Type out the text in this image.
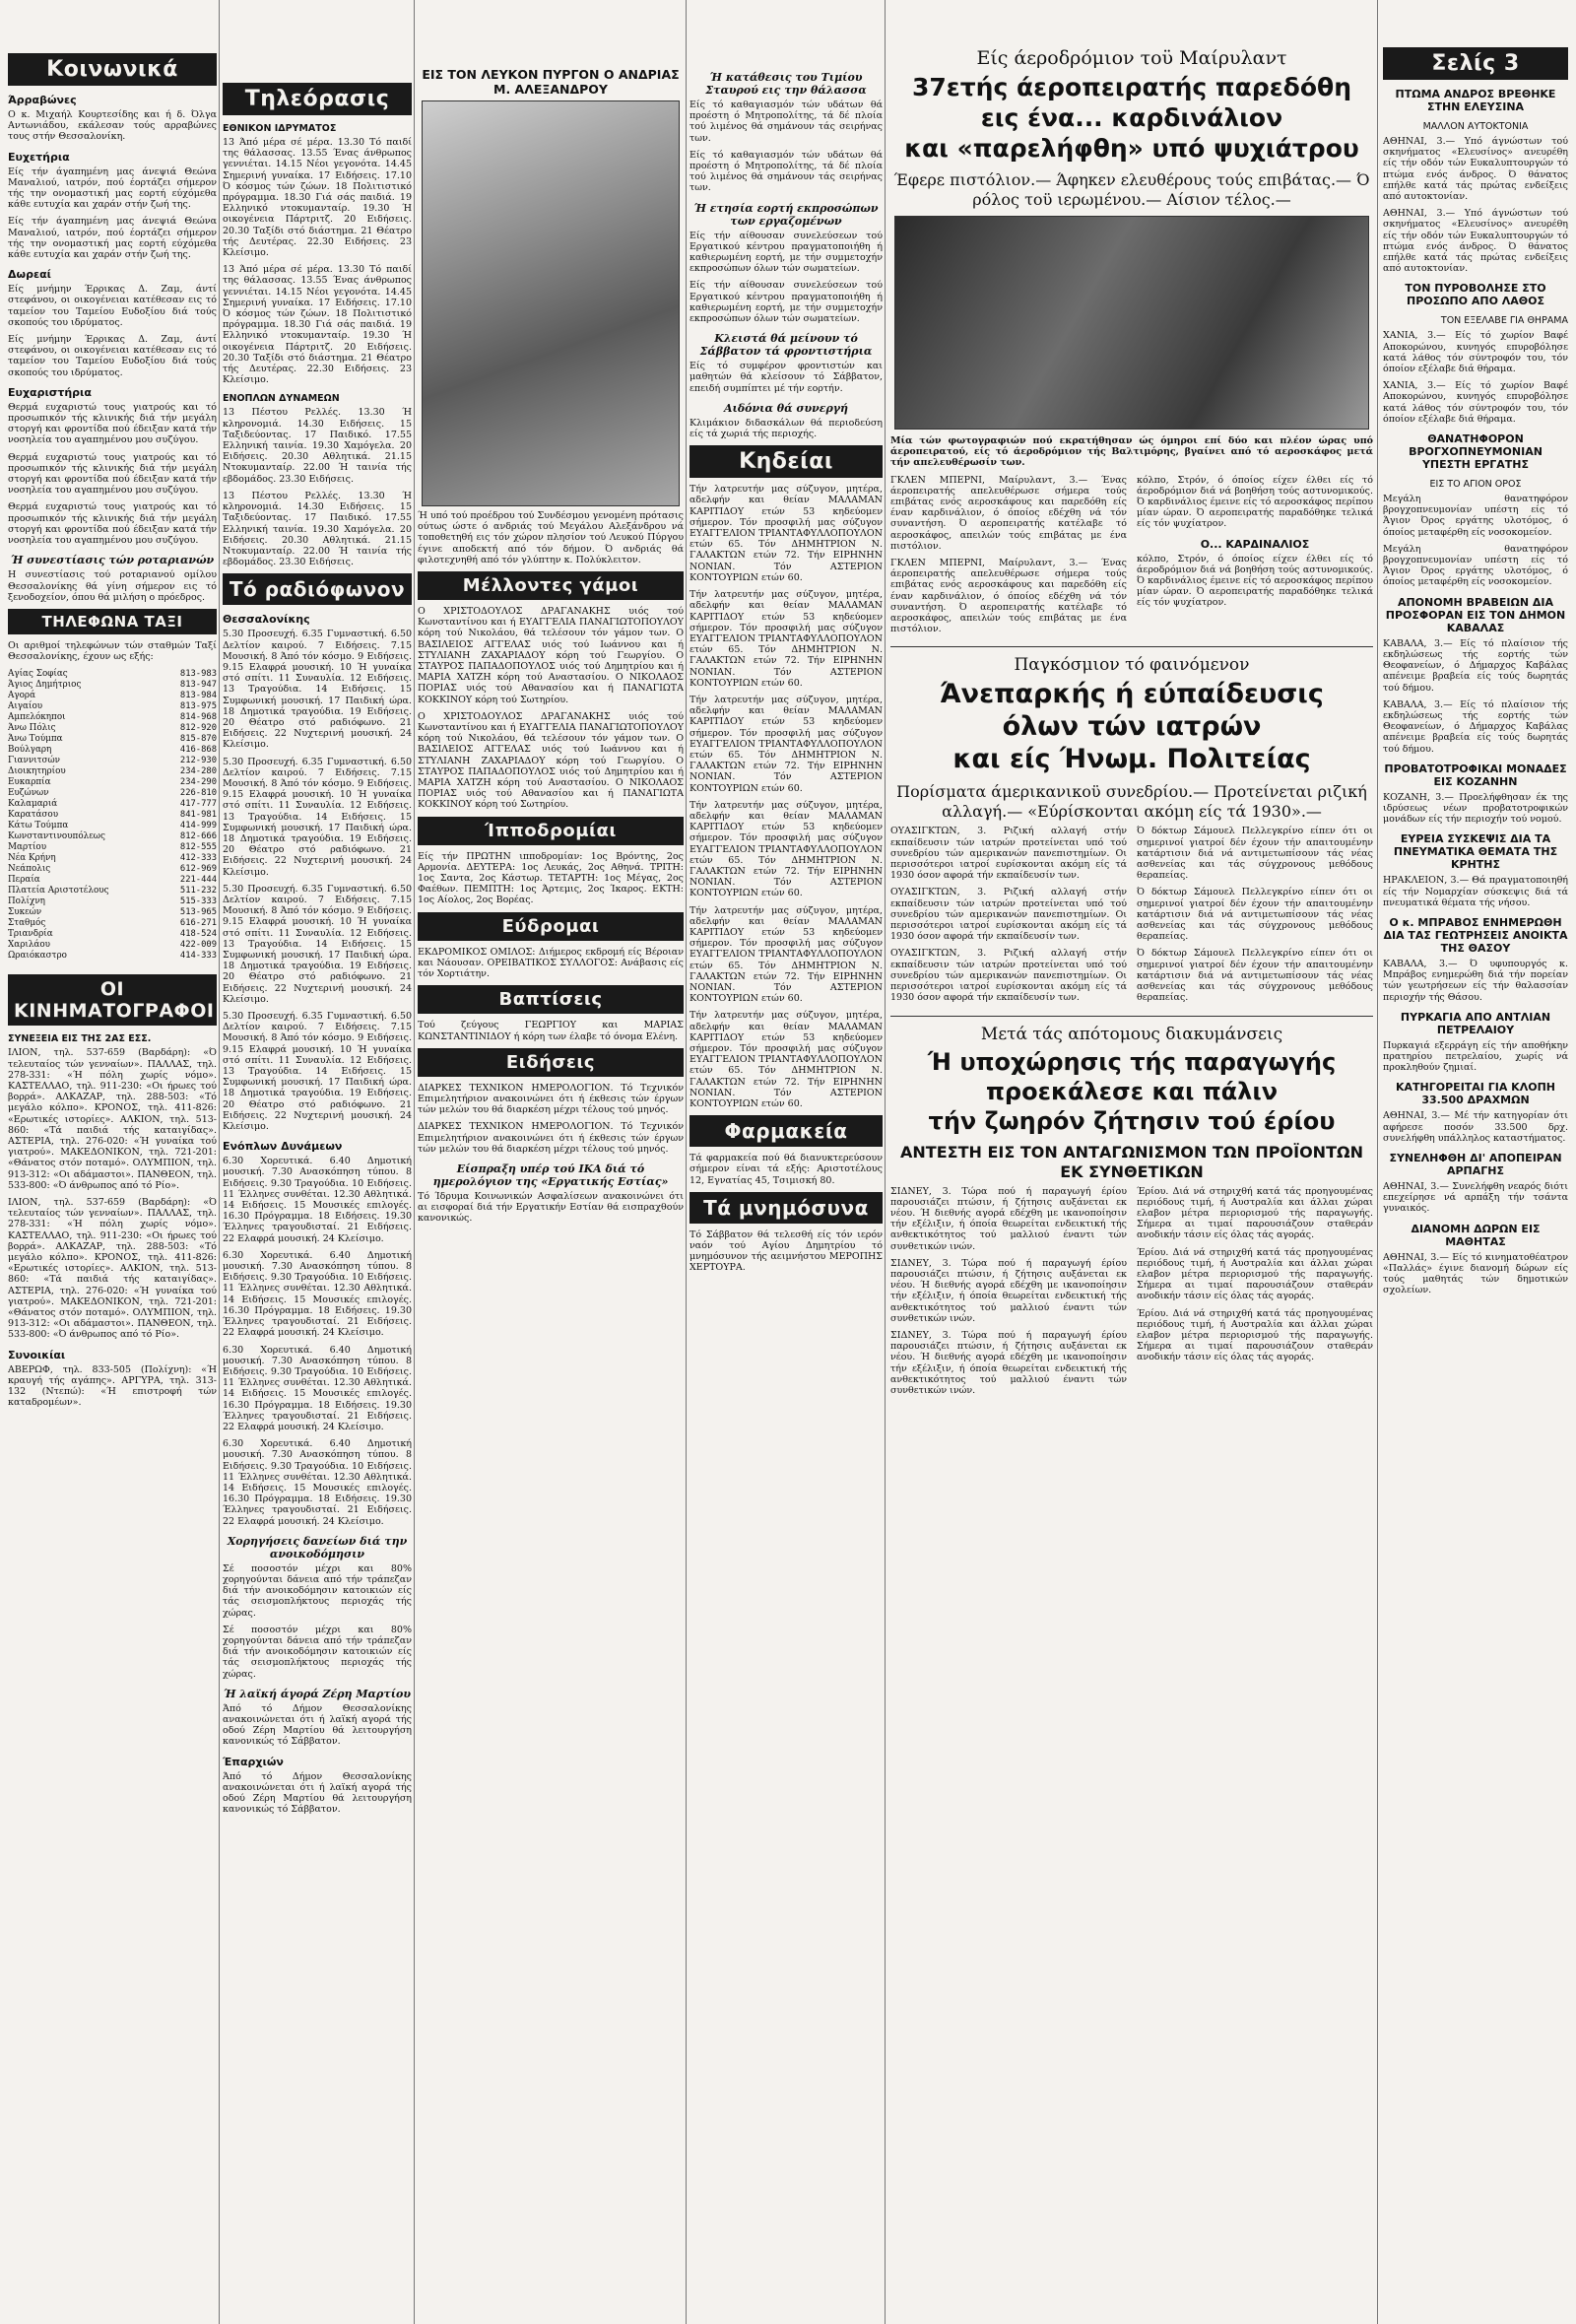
Κοινωνικά
Άρραβώνες

Ο κ. Μιχαήλ Κουρτεσίδης και ή δ. Όλγα Αντωνιάδου, εκάλεσαν τούς αρραβώνες τους στήν Θεσσαλονίκη.

Ευχετήρια

Είς τήν άγαπημένη μας άνεψιά Θεώνα Μαναλιού, ιατρόν, πού έορτάζει σήμερον τής την ονομαστική μας εορτή εύχόμεθα κάθε ευτυχία και χαράν στήν ζωή της.

Είς τήν άγαπημένη μας άνεψιά Θεώνα Μαναλιού, ιατρόν, πού έορτάζει σήμερον τής την ονομαστική μας εορτή εύχόμεθα κάθε ευτυχία και χαράν στήν ζωή της.

Δωρεαί

Είς μνήμην Έρρικας Δ. Ζαμ, άντί στεφάνου, οι οικογένειαι κατέθεσαν εις τό ταμείον του Ταμείου Ευδοξίου διά τούς σκοπούς του ιδρύματος.

Είς μνήμην Έρρικας Δ. Ζαμ, άντί στεφάνου, οι οικογένειαι κατέθεσαν εις τό ταμείον του Ταμείου Ευδοξίου διά τούς σκοπούς του ιδρύματος.

Ευχαριστήρια

Θερμά ευχαριστώ τους γιατρούς και τό προσωπικόν τής κλινικής διά τήν μεγάλη στοργή και φροντίδα πού έδειξαν κατά τήν νοσηλεία του αγαπημένου μου συζύγου.

Θερμά ευχαριστώ τους γιατρούς και τό προσωπικόν τής κλινικής διά τήν μεγάλη στοργή και φροντίδα πού έδειξαν κατά τήν νοσηλεία του αγαπημένου μου συζύγου.

Θερμά ευχαριστώ τους γιατρούς και τό προσωπικόν τής κλινικής διά τήν μεγάλη στοργή και φροντίδα πού έδειξαν κατά τήν νοσηλεία του αγαπημένου μου συζύγου.

Ή συνεστίασις τών ροταριανών

Η συνεστίασις τού ροταριανού ομίλου Θεσσαλονίκης θά γίνη σήμερον εις τό ξενοδοχείον, όπου θά μιλήση ο πρόεδρος.

ΤΗΛΕΦΩΝΑ ΤΑΞΙ

Οι αριθμοί τηλεφώνων τών σταθμών Ταξί Θεσσαλονίκης, έχουν ως εξής:

Αγίας Σοφίας	813-983
Άγιος Δημήτριος	813-947
Αγορά	813-984
Αιγαίου	813-975
Αμπελόκηποι	814-968
Άνω Πόλις	812-920
Άνω Τούμπα	815-870
Βούλγαρη	416-868
Γιαννιτσών	212-930
Διοικητηρίου	234-280
Ευκαρπία	234-290
Ευζώνων	226-810
Καλαμαριά	417-777
Καρατάσου	841-981
Κάτω Τούμπα	414-999
Κωνσταντινουπόλεως	812-666
Μαρτίου	812-555
Νέα Κρήνη	412-333
Νεάπολις	612-969
Περαία	221-444
Πλατεία Αριστοτέλους	511-232
Πολίχνη	515-333
Συκεών	513-965
Σταθμός	616-271
Τριανδρία	418-524
Χαριλάου	422-009
Ωραιόκαστρο	414-333
ΟΙ ΚΙΝΗΜΑΤΟΓΡΑΦΟΙ
ΣΥΝΕΞΕΙΑ ΕΙΣ ΤΗΣ 2ΑΣ ΕΣΣ.

ΙΛΙΟΝ, τηλ. 537-659 (Βαρδάρη): «Ό τελευταίος τών γενναίων». ΠΑΛΛΑΣ, τηλ. 278-331: «Ή πόλη χωρίς νόμο». ΚΑΣΤΕΛΛΑΟ, τηλ. 911-230: «Οι ήρωες τού βορρά». ΑΛΚΑΖΑΡ, τηλ. 288-503: «Τό μεγάλο κόλπο». ΚΡΟΝΟΣ, τηλ. 411-826: «Ερωτικές ιστορίες». ΑΛΚΙΟΝ, τηλ. 513-860: «Τά παιδιά τής καταιγίδας». ΑΣΤΕΡΙΑ, τηλ. 276-020: «Ή γυναίκα τού γιατρού». ΜΑΚΕΔΟΝΙΚΟΝ, τηλ. 721-201: «Θάνατος στόν ποταμό». ΟΛΥΜΠΙΟΝ, τηλ. 913-312: «Οι αδάμαστοι». ΠΑΝΘΕΟΝ, τηλ. 533-800: «Ό άνθρωπος από τό Ρίο».

ΙΛΙΟΝ, τηλ. 537-659 (Βαρδάρη): «Ό τελευταίος τών γενναίων». ΠΑΛΛΑΣ, τηλ. 278-331: «Ή πόλη χωρίς νόμο». ΚΑΣΤΕΛΛΑΟ, τηλ. 911-230: «Οι ήρωες τού βορρά». ΑΛΚΑΖΑΡ, τηλ. 288-503: «Τό μεγάλο κόλπο». ΚΡΟΝΟΣ, τηλ. 411-826: «Ερωτικές ιστορίες». ΑΛΚΙΟΝ, τηλ. 513-860: «Τά παιδιά τής καταιγίδας». ΑΣΤΕΡΙΑ, τηλ. 276-020: «Ή γυναίκα τού γιατρού». ΜΑΚΕΔΟΝΙΚΟΝ, τηλ. 721-201: «Θάνατος στόν ποταμό». ΟΛΥΜΠΙΟΝ, τηλ. 913-312: «Οι αδάμαστοι». ΠΑΝΘΕΟΝ, τηλ. 533-800: «Ό άνθρωπος από τό Ρίο».

Συνοικίαι

ΑΒΕΡΩΦ, τηλ. 833-505 (Πολίχνη): «Ή κραυγή τής αγάπης». ΑΡΓΥΡΑ, τηλ. 313-132 (Ντεπώ): «Ή επιστροφή τών καταδρομέων».

Τηλεόρασις
ΕΘΝΙΚΟΝ ΙΔΡΥΜΑΤΟΣ

13 Άπό μέρα σέ μέρα. 13.30 Τό παιδί της θάλασσας. 13.55 Ένας άνθρωπος γεννιέται. 14.15 Νέοι γεγονότα. 14.45 Σημερινή γυναίκα. 17 Ειδήσεις. 17.10 Ό κόσμος τών ζώων. 18 Πολιτιστικό πρόγραμμα. 18.30 Γιά σάς παιδιά. 19 Ελληνικό ντοκυμανταίρ. 19.30 Ή οικογένεια Πάρτριτζ. 20 Ειδήσεις. 20.30 Ταξίδι στό διάστημα. 21 Θέατρο τής Δευτέρας. 22.30 Ειδήσεις. 23 Κλείσιμο.

13 Άπό μέρα σέ μέρα. 13.30 Τό παιδί της θάλασσας. 13.55 Ένας άνθρωπος γεννιέται. 14.15 Νέοι γεγονότα. 14.45 Σημερινή γυναίκα. 17 Ειδήσεις. 17.10 Ό κόσμος τών ζώων. 18 Πολιτιστικό πρόγραμμα. 18.30 Γιά σάς παιδιά. 19 Ελληνικό ντοκυμανταίρ. 19.30 Ή οικογένεια Πάρτριτζ. 20 Ειδήσεις. 20.30 Ταξίδι στό διάστημα. 21 Θέατρο τής Δευτέρας. 22.30 Ειδήσεις. 23 Κλείσιμο.

ΕΝΟΠΛΩΝ ΔΥΝΑΜΕΩΝ

13 Πέστου Ρελλές. 13.30 Ή κληρονομιά. 14.30 Ειδήσεις. 15 Ταξιδεύοντας. 17 Παιδικό. 17.55 Ελληνική ταινία. 19.30 Χαμόγελα. 20 Ειδήσεις. 20.30 Αθλητικά. 21.15 Ντοκυμανταίρ. 22.00 Ή ταινία τής εβδομάδος. 23.30 Ειδήσεις.

13 Πέστου Ρελλές. 13.30 Ή κληρονομιά. 14.30 Ειδήσεις. 15 Ταξιδεύοντας. 17 Παιδικό. 17.55 Ελληνική ταινία. 19.30 Χαμόγελα. 20 Ειδήσεις. 20.30 Αθλητικά. 21.15 Ντοκυμανταίρ. 22.00 Ή ταινία τής εβδομάδος. 23.30 Ειδήσεις.

Τό ραδιόφωνον
Θεσσαλονίκης

5.30 Προσευχή. 6.35 Γυμναστική. 6.50 Δελτίον καιρού. 7 Ειδήσεις. 7.15 Μουσική. 8 Άπό τόν κόσμο. 9 Ειδήσεις. 9.15 Ελαφρά μουσική. 10 Ή γυναίκα στό σπίτι. 11 Συναυλία. 12 Ειδήσεις. 13 Τραγούδια. 14 Ειδήσεις. 15 Συμφωνική μουσική. 17 Παιδική ώρα. 18 Δημοτικά τραγούδια. 19 Ειδήσεις. 20 Θέατρο στό ραδιόφωνο. 21 Ειδήσεις. 22 Νυχτερινή μουσική. 24 Κλείσιμο.

5.30 Προσευχή. 6.35 Γυμναστική. 6.50 Δελτίον καιρού. 7 Ειδήσεις. 7.15 Μουσική. 8 Άπό τόν κόσμο. 9 Ειδήσεις. 9.15 Ελαφρά μουσική. 10 Ή γυναίκα στό σπίτι. 11 Συναυλία. 12 Ειδήσεις. 13 Τραγούδια. 14 Ειδήσεις. 15 Συμφωνική μουσική. 17 Παιδική ώρα. 18 Δημοτικά τραγούδια. 19 Ειδήσεις. 20 Θέατρο στό ραδιόφωνο. 21 Ειδήσεις. 22 Νυχτερινή μουσική. 24 Κλείσιμο.

5.30 Προσευχή. 6.35 Γυμναστική. 6.50 Δελτίον καιρού. 7 Ειδήσεις. 7.15 Μουσική. 8 Άπό τόν κόσμο. 9 Ειδήσεις. 9.15 Ελαφρά μουσική. 10 Ή γυναίκα στό σπίτι. 11 Συναυλία. 12 Ειδήσεις. 13 Τραγούδια. 14 Ειδήσεις. 15 Συμφωνική μουσική. 17 Παιδική ώρα. 18 Δημοτικά τραγούδια. 19 Ειδήσεις. 20 Θέατρο στό ραδιόφωνο. 21 Ειδήσεις. 22 Νυχτερινή μουσική. 24 Κλείσιμο.

5.30 Προσευχή. 6.35 Γυμναστική. 6.50 Δελτίον καιρού. 7 Ειδήσεις. 7.15 Μουσική. 8 Άπό τόν κόσμο. 9 Ειδήσεις. 9.15 Ελαφρά μουσική. 10 Ή γυναίκα στό σπίτι. 11 Συναυλία. 12 Ειδήσεις. 13 Τραγούδια. 14 Ειδήσεις. 15 Συμφωνική μουσική. 17 Παιδική ώρα. 18 Δημοτικά τραγούδια. 19 Ειδήσεις. 20 Θέατρο στό ραδιόφωνο. 21 Ειδήσεις. 22 Νυχτερινή μουσική. 24 Κλείσιμο.

Ενόπλων Δυνάμεων

6.30 Χορευτικά. 6.40 Δημοτική μουσική. 7.30 Ανασκόπηση τύπου. 8 Ειδήσεις. 9.30 Τραγούδια. 10 Ειδήσεις. 11 Έλληνες συνθέται. 12.30 Αθλητικά. 14 Ειδήσεις. 15 Μουσικές επιλογές. 16.30 Πρόγραμμα. 18 Ειδήσεις. 19.30 Έλληνες τραγουδισταί. 21 Ειδήσεις. 22 Ελαφρά μουσική. 24 Κλείσιμο.

6.30 Χορευτικά. 6.40 Δημοτική μουσική. 7.30 Ανασκόπηση τύπου. 8 Ειδήσεις. 9.30 Τραγούδια. 10 Ειδήσεις. 11 Έλληνες συνθέται. 12.30 Αθλητικά. 14 Ειδήσεις. 15 Μουσικές επιλογές. 16.30 Πρόγραμμα. 18 Ειδήσεις. 19.30 Έλληνες τραγουδισταί. 21 Ειδήσεις. 22 Ελαφρά μουσική. 24 Κλείσιμο.

6.30 Χορευτικά. 6.40 Δημοτική μουσική. 7.30 Ανασκόπηση τύπου. 8 Ειδήσεις. 9.30 Τραγούδια. 10 Ειδήσεις. 11 Έλληνες συνθέται. 12.30 Αθλητικά. 14 Ειδήσεις. 15 Μουσικές επιλογές. 16.30 Πρόγραμμα. 18 Ειδήσεις. 19.30 Έλληνες τραγουδισταί. 21 Ειδήσεις. 22 Ελαφρά μουσική. 24 Κλείσιμο.

6.30 Χορευτικά. 6.40 Δημοτική μουσική. 7.30 Ανασκόπηση τύπου. 8 Ειδήσεις. 9.30 Τραγούδια. 10 Ειδήσεις. 11 Έλληνες συνθέται. 12.30 Αθλητικά. 14 Ειδήσεις. 15 Μουσικές επιλογές. 16.30 Πρόγραμμα. 18 Ειδήσεις. 19.30 Έλληνες τραγουδισταί. 21 Ειδήσεις. 22 Ελαφρά μουσική. 24 Κλείσιμο.

Χορηγήσεις δανείων διά την ανοικοδόμησιν

Σέ ποσοστόν μέχρι και 80% χορηγούνται δάνεια από τήν τράπεζαν διά τήν ανοικοδόμησιν κατοικιών είς τάς σεισμοπλήκτους περιοχάς τής χώρας.

Σέ ποσοστόν μέχρι και 80% χορηγούνται δάνεια από τήν τράπεζαν διά τήν ανοικοδόμησιν κατοικιών είς τάς σεισμοπλήκτους περιοχάς τής χώρας.

Ή λαϊκή άγορά Ζέρη Μαρτίου

Άπό τό Δήμον Θεσσαλονίκης ανακοινώνεται ότι ή λαϊκή αγορά τής οδού Ζέρη Μαρτίου θά λειτουργήση κανονικώς τό Σάββατον.

Έπαρχιών

Άπό τό Δήμον Θεσσαλονίκης ανακοινώνεται ότι ή λαϊκή αγορά τής οδού Ζέρη Μαρτίου θά λειτουργήση κανονικώς τό Σάββατον.

ΕΙΣ ΤΟΝ ΛΕΥΚΟΝ ΠΥΡΓΟΝ Ο ΑΝΔΡΙΑΣ Μ. ΑΛΕΞΑΝΔΡΟΥ

Ή υπό τού προέδρου τού Συνδέσμου γενομένη πρότασις ούτως ώστε ό ανδριάς τού Μεγάλου Αλεξάνδρου νά τοποθετηθή εις τόν χώρον πλησίον τού Λευκού Πύργου έγινε αποδεκτή από τόν δήμον. Ό ανδριάς θά φιλοτεχνηθή από τόν γλύπτην κ. Πολύκλειτον.

Μέλλοντες γάμοι

Ο ΧΡΙΣΤΟΔΟΥΛΟΣ ΔΡΑΓΑΝΑΚΗΣ υιός τού Κωνσταντίνου και ή ΕΥΑΓΓΕΛΙΑ ΠΑΝΑΓΙΩΤΟΠΟΥΛΟΥ κόρη τού Νικολάου, θά τελέσουν τόν γάμον των. Ο ΒΑΣΙΛΕΙΟΣ ΑΓΓΕΛΑΣ υιός τού Ιωάννου και ή ΣΤΥΛΙΑΝΗ ΖΑΧΑΡΙΑΔΟΥ κόρη τού Γεωργίου. Ο ΣΤΑΥΡΟΣ ΠΑΠΑΔΟΠΟΥΛΟΣ υιός τού Δημητρίου και ή ΜΑΡΙΑ ΧΑΤΖΗ κόρη τού Αναστασίου. Ο ΝΙΚΟΛΑΟΣ ΠΟΡΙΑΣ υιός τού Αθανασίου και ή ΠΑΝΑΓΙΩΤΑ ΚΟΚΚΙΝΟΥ κόρη τού Σωτηρίου.

Ο ΧΡΙΣΤΟΔΟΥΛΟΣ ΔΡΑΓΑΝΑΚΗΣ υιός τού Κωνσταντίνου και ή ΕΥΑΓΓΕΛΙΑ ΠΑΝΑΓΙΩΤΟΠΟΥΛΟΥ κόρη τού Νικολάου, θά τελέσουν τόν γάμον των. Ο ΒΑΣΙΛΕΙΟΣ ΑΓΓΕΛΑΣ υιός τού Ιωάννου και ή ΣΤΥΛΙΑΝΗ ΖΑΧΑΡΙΑΔΟΥ κόρη τού Γεωργίου. Ο ΣΤΑΥΡΟΣ ΠΑΠΑΔΟΠΟΥΛΟΣ υιός τού Δημητρίου και ή ΜΑΡΙΑ ΧΑΤΖΗ κόρη τού Αναστασίου. Ο ΝΙΚΟΛΑΟΣ ΠΟΡΙΑΣ υιός τού Αθανασίου και ή ΠΑΝΑΓΙΩΤΑ ΚΟΚΚΙΝΟΥ κόρη τού Σωτηρίου.

Ίπποδρομίαι

Είς τήν ΠΡΩΤΗΝ ιπποδρομίαν: 1ος Βρόντης, 2ος Αρμονία. ΔΕΥΤΕΡΑ: 1ος Λευκάς, 2ος Αθηνά. ΤΡΙΤΗ: 1ος Σαντα, 2ος Κάστωρ. ΤΕΤΑΡΤΗ: 1ος Μέγας, 2ος Φαέθων. ΠΕΜΠΤΗ: 1ος Άρτεμις, 2ος Ίκαρος. ΕΚΤΗ: 1ος Αίολος, 2ος Βορέας.

Εύδρομαι

ΕΚΔΡΟΜΙΚΟΣ ΟΜΙΛΟΣ: Διήμερος εκδρομή είς Βέροιαν και Νάουσαν. ΟΡΕΙΒΑΤΙΚΟΣ ΣΥΛΛΟΓΟΣ: Ανάβασις είς τόν Χορτιάτην.

Βαπτίσεις

Τού ζεύγους ΓΕΩΡΓΙΟΥ και ΜΑΡΙΑΣ ΚΩΝΣΤΑΝΤΙΝΙΔΟΥ ή κόρη των έλαβε τό όνομα Ελένη.

Ειδήσεις

ΔΙΑΡΚΕΣ ΤΕΧΝΙΚΟΝ ΗΜΕΡΟΛΟΓΙΟΝ. Τό Τεχνικόν Επιμελητήριον ανακοινώνει ότι ή έκθεσις τών έργων τών μελών του θά διαρκέση μέχρι τέλους τού μηνός.

ΔΙΑΡΚΕΣ ΤΕΧΝΙΚΟΝ ΗΜΕΡΟΛΟΓΙΟΝ. Τό Τεχνικόν Επιμελητήριον ανακοινώνει ότι ή έκθεσις τών έργων τών μελών του θά διαρκέση μέχρι τέλους τού μηνός.

Είσπραξη υπέρ τού ΙΚΑ διά τό ημερολόγιον της «Εργατικής Εστίας»

Τό Ίδρυμα Κοινωνικών Ασφαλίσεων ανακοινώνει ότι αι εισφοραί διά τήν Εργατικήν Εστίαν θά εισπραχθούν κανονικώς.

Ή κατάθεσις του Τιμίου Σταυρού εις την θάλασσα

Είς τό καθαγιασμόν τών υδάτων θά προέστη ό Μητροπολίτης, τά δέ πλοία τού λιμένος θά σημάνουν τάς σειρήνας των.

Είς τό καθαγιασμόν τών υδάτων θά προέστη ό Μητροπολίτης, τά δέ πλοία τού λιμένος θά σημάνουν τάς σειρήνας των.

Ή ετησία εορτή εκπροσώπων των εργαζομένων

Είς τήν αίθουσαν συνελεύσεων τού Εργατικού κέντρου πραγματοποιήθη ή καθιερωμένη εορτή, με τήν συμμετοχήν εκπροσώπων όλων τών σωματείων.

Είς τήν αίθουσαν συνελεύσεων τού Εργατικού κέντρου πραγματοποιήθη ή καθιερωμένη εορτή, με τήν συμμετοχήν εκπροσώπων όλων τών σωματείων.

Κλειστά θά μείνουν τό Σάββατον τά φροντιστήρια

Είς τό συμφέρον φροντιστών και μαθητών θά κλείσουν τό Σάββατον, επειδή συμπίπτει μέ τήν εορτήν.

Αιδόνια θά συνεργή

Κλιμάκιον διδασκάλων θά περιοδεύση είς τά χωριά τής περιοχής.

Κηδείαι

Τήν λατρευτήν μας σύζυγον, μητέρα, αδελφήν και θείαν ΜΑΛΑΜΑΝ ΚΑΡΙΤΙΔΟΥ ετών 53 κηδεύομεν σήμερον. Τόν προσφιλή μας σύζυγον ΕΥΑΓΓΕΛΙΟΝ ΤΡΙΑΝΤΑΦΥΛΛΟΠΟΥΛΟΝ ετών 65. Τόν ΔΗΜΗΤΡΙΟΝ Ν. ΓΑΛΑΚΤΩΝ ετών 72. Τήν ΕΙΡΗΝΗΝ ΝΟΝΙΑΝ. Τόν ΑΣΤΕΡΙΟΝ ΚΟΝΤΟΥΡΙΩΝ ετών 60.

Τήν λατρευτήν μας σύζυγον, μητέρα, αδελφήν και θείαν ΜΑΛΑΜΑΝ ΚΑΡΙΤΙΔΟΥ ετών 53 κηδεύομεν σήμερον. Τόν προσφιλή μας σύζυγον ΕΥΑΓΓΕΛΙΟΝ ΤΡΙΑΝΤΑΦΥΛΛΟΠΟΥΛΟΝ ετών 65. Τόν ΔΗΜΗΤΡΙΟΝ Ν. ΓΑΛΑΚΤΩΝ ετών 72. Τήν ΕΙΡΗΝΗΝ ΝΟΝΙΑΝ. Τόν ΑΣΤΕΡΙΟΝ ΚΟΝΤΟΥΡΙΩΝ ετών 60.

Τήν λατρευτήν μας σύζυγον, μητέρα, αδελφήν και θείαν ΜΑΛΑΜΑΝ ΚΑΡΙΤΙΔΟΥ ετών 53 κηδεύομεν σήμερον. Τόν προσφιλή μας σύζυγον ΕΥΑΓΓΕΛΙΟΝ ΤΡΙΑΝΤΑΦΥΛΛΟΠΟΥΛΟΝ ετών 65. Τόν ΔΗΜΗΤΡΙΟΝ Ν. ΓΑΛΑΚΤΩΝ ετών 72. Τήν ΕΙΡΗΝΗΝ ΝΟΝΙΑΝ. Τόν ΑΣΤΕΡΙΟΝ ΚΟΝΤΟΥΡΙΩΝ ετών 60.

Τήν λατρευτήν μας σύζυγον, μητέρα, αδελφήν και θείαν ΜΑΛΑΜΑΝ ΚΑΡΙΤΙΔΟΥ ετών 53 κηδεύομεν σήμερον. Τόν προσφιλή μας σύζυγον ΕΥΑΓΓΕΛΙΟΝ ΤΡΙΑΝΤΑΦΥΛΛΟΠΟΥΛΟΝ ετών 65. Τόν ΔΗΜΗΤΡΙΟΝ Ν. ΓΑΛΑΚΤΩΝ ετών 72. Τήν ΕΙΡΗΝΗΝ ΝΟΝΙΑΝ. Τόν ΑΣΤΕΡΙΟΝ ΚΟΝΤΟΥΡΙΩΝ ετών 60.

Τήν λατρευτήν μας σύζυγον, μητέρα, αδελφήν και θείαν ΜΑΛΑΜΑΝ ΚΑΡΙΤΙΔΟΥ ετών 53 κηδεύομεν σήμερον. Τόν προσφιλή μας σύζυγον ΕΥΑΓΓΕΛΙΟΝ ΤΡΙΑΝΤΑΦΥΛΛΟΠΟΥΛΟΝ ετών 65. Τόν ΔΗΜΗΤΡΙΟΝ Ν. ΓΑΛΑΚΤΩΝ ετών 72. Τήν ΕΙΡΗΝΗΝ ΝΟΝΙΑΝ. Τόν ΑΣΤΕΡΙΟΝ ΚΟΝΤΟΥΡΙΩΝ ετών 60.

Τήν λατρευτήν μας σύζυγον, μητέρα, αδελφήν και θείαν ΜΑΛΑΜΑΝ ΚΑΡΙΤΙΔΟΥ ετών 53 κηδεύομεν σήμερον. Τόν προσφιλή μας σύζυγον ΕΥΑΓΓΕΛΙΟΝ ΤΡΙΑΝΤΑΦΥΛΛΟΠΟΥΛΟΝ ετών 65. Τόν ΔΗΜΗΤΡΙΟΝ Ν. ΓΑΛΑΚΤΩΝ ετών 72. Τήν ΕΙΡΗΝΗΝ ΝΟΝΙΑΝ. Τόν ΑΣΤΕΡΙΟΝ ΚΟΝΤΟΥΡΙΩΝ ετών 60.

Φαρμακεία

Τά φαρμακεία πού θά διανυκτερεύσουν σήμερον είναι τά εξής: Αριστοτέλους 12, Εγνατίας 45, Τσιμισκή 80.

Τά μνημόσυνα

Τό Σάββατον θά τελεσθή είς τόν ιερόν ναόν τού Αγίου Δημητρίου τό μνημόσυνον τής αειμνήστου ΜΕΡΟΠΗΣ ΧΕΡΤΟΥΡΑ.

Είς άεροδρόμιον τοϋ Μαίρυλαντ
37ετής άεροπειρατής παρεδόθη
εις ένα... καρδινάλιον
και «παρελήφθη» υπό ψυχιάτρου
Έφερε πιστόλιον.— Άφηκεν ελευθέρους τούς επιβάτας.— Ό ρόλος τοϋ ιερωμένου.— Αίσιον τέλος.—

Μία τών φωτογραφιών πού εκρατήθησαν ώς όμηροι επί δύο και πλέον ώρας υπό άεροπειρατού, είς τό άεροδρόμιον τής Βαλτιμόρης, βγαίνει από τό αεροσκάφος μετά τήν απελευθέρωσίν των.

ΓΚΛΕΝ ΜΠΕΡΝΙ, Μαίρυλαντ, 3.— Ένας άεροπειρατής απελευθέρωσε σήμερα τούς επιβάτας ενός αεροσκάφους και παρεδόθη είς έναν καρδινάλιον, ό όποίος εδέχθη νά τόν συναντήση. Ό αεροπειρατής κατέλαβε τό αεροσκάφος, απειλών τούς επιβάτας με ένα πιστόλιον.

ΓΚΛΕΝ ΜΠΕΡΝΙ, Μαίρυλαντ, 3.— Ένας άεροπειρατής απελευθέρωσε σήμερα τούς επιβάτας ενός αεροσκάφους και παρεδόθη είς έναν καρδινάλιον, ό όποίος εδέχθη νά τόν συναντήση. Ό αεροπειρατής κατέλαβε τό αεροσκάφος, απειλών τούς επιβάτας με ένα πιστόλιον.

κόλπο, Στρόν, ό όποίος είχεν έλθει είς τό άεροδρόμιον διά νά βοηθήση τούς αστυνομικούς. Ό καρδινάλιος έμεινε είς τό αεροσκάφος περίπου μίαν ώραν. Ό αεροπειρατής παραδόθηκε τελικά είς τόν ψυχίατρον.

Ο... ΚΑΡΔΙΝΑΛΙΟΣ

κόλπο, Στρόν, ό όποίος είχεν έλθει είς τό άεροδρόμιον διά νά βοηθήση τούς αστυνομικούς. Ό καρδινάλιος έμεινε είς τό αεροσκάφος περίπου μίαν ώραν. Ό αεροπειρατής παραδόθηκε τελικά είς τόν ψυχίατρον.

Παγκόσμιον τό φαινόμενον
Άνεπαρκής ή εύπαίδευσις
όλων τών ιατρών
και είς Ήνωμ. Πολιτείας
Πορίσματα άμερικανικοϋ συνεδρίου.— Προτείνεται ριζική αλλαγή.— «Εύρίσκονται ακόμη είς τά 1930».—

ΟΥΑΣΙΓΚΤΩΝ, 3. Ριζική αλλαγή στήν εκπαίδευσιν τών ιατρών προτείνεται υπό τού συνεδρίου τών αμερικανών πανεπιστημίων. Οι περισσότεροι ιατροί ευρίσκονται ακόμη είς τά 1930 όσον αφορά τήν εκπαίδευσίν των.

ΟΥΑΣΙΓΚΤΩΝ, 3. Ριζική αλλαγή στήν εκπαίδευσιν τών ιατρών προτείνεται υπό τού συνεδρίου τών αμερικανών πανεπιστημίων. Οι περισσότεροι ιατροί ευρίσκονται ακόμη είς τά 1930 όσον αφορά τήν εκπαίδευσίν των.

ΟΥΑΣΙΓΚΤΩΝ, 3. Ριζική αλλαγή στήν εκπαίδευσιν τών ιατρών προτείνεται υπό τού συνεδρίου τών αμερικανών πανεπιστημίων. Οι περισσότεροι ιατροί ευρίσκονται ακόμη είς τά 1930 όσον αφορά τήν εκπαίδευσίν των.

Ό δόκτωρ Σάμουελ Πελλεγκρίνο είπεν ότι οι σημερινοί γιατροί δέν έχουν τήν απαιτουμένην κατάρτισιν διά νά αντιμετωπίσουν τάς νέας ασθενείας και τάς σύγχρονους μεθόδους θεραπείας.

Ό δόκτωρ Σάμουελ Πελλεγκρίνο είπεν ότι οι σημερινοί γιατροί δέν έχουν τήν απαιτουμένην κατάρτισιν διά νά αντιμετωπίσουν τάς νέας ασθενείας και τάς σύγχρονους μεθόδους θεραπείας.

Ό δόκτωρ Σάμουελ Πελλεγκρίνο είπεν ότι οι σημερινοί γιατροί δέν έχουν τήν απαιτουμένην κατάρτισιν διά νά αντιμετωπίσουν τάς νέας ασθενείας και τάς σύγχρονους μεθόδους θεραπείας.

Μετά τάς απότομους διακυμάνσεις
Ή υποχώρησις τής παραγωγής
προεκάλεσε και πάλιν
τήν ζωηρόν ζήτησιν τού έρίου
ΑΝΤΕΣΤΗ ΕΙΣ ΤΟΝ ΑΝΤΑΓΩΝΙΣΜΟΝ ΤΩΝ ΠΡΟΪΟΝΤΩΝ ΕΚ ΣΥΝΘΕΤΙΚΩΝ

ΣΙΔΝΕΥ, 3. Τώρα πού ή παραγωγή έρίου παρουσιάζει πτώσιν, ή ζήτησις αυξάνεται εκ νέου. Ή διεθνής αγορά εδέχθη με ικανοποίησιν τήν εξέλιξιν, ή όποία θεωρείται ενδεικτική τής ανθεκτικότητος τού μαλλιού έναντι τών συνθετικών ινών.

ΣΙΔΝΕΥ, 3. Τώρα πού ή παραγωγή έρίου παρουσιάζει πτώσιν, ή ζήτησις αυξάνεται εκ νέου. Ή διεθνής αγορά εδέχθη με ικανοποίησιν τήν εξέλιξιν, ή όποία θεωρείται ενδεικτική τής ανθεκτικότητος τού μαλλιού έναντι τών συνθετικών ινών.

ΣΙΔΝΕΥ, 3. Τώρα πού ή παραγωγή έρίου παρουσιάζει πτώσιν, ή ζήτησις αυξάνεται εκ νέου. Ή διεθνής αγορά εδέχθη με ικανοποίησιν τήν εξέλιξιν, ή όποία θεωρείται ενδεικτική τής ανθεκτικότητος τού μαλλιού έναντι τών συνθετικών ινών.

Έρίου. Διά νά στηριχθή κατά τάς προηγουμένας περιόδους τιμή, ή Αυστραλία και άλλαι χώραι ελαβον μέτρα περιορισμού τής παραγωγής. Σήμερα αι τιμαί παρουσιάζουν σταθεράν ανοδικήν τάσιν είς όλας τάς αγοράς.

Έρίου. Διά νά στηριχθή κατά τάς προηγουμένας περιόδους τιμή, ή Αυστραλία και άλλαι χώραι ελαβον μέτρα περιορισμού τής παραγωγής. Σήμερα αι τιμαί παρουσιάζουν σταθεράν ανοδικήν τάσιν είς όλας τάς αγοράς.

Έρίου. Διά νά στηριχθή κατά τάς προηγουμένας περιόδους τιμή, ή Αυστραλία και άλλαι χώραι ελαβον μέτρα περιορισμού τής παραγωγής. Σήμερα αι τιμαί παρουσιάζουν σταθεράν ανοδικήν τάσιν είς όλας τάς αγοράς.

Σελίς 3
ΠΤΩΜΑ ΑΝΔΡΟΣ ΒΡΕΘΗΚΕ ΣΤΗΝ ΕΛΕΥΣΙΝΑ
ΜΑΛΛΟΝ ΑΥΤΟΚΤΟΝΙΑ

ΑΘΗΝΑΙ, 3.— Υπό άγνώστων τού σκηνήματος «Ελευσίνος» ανευρέθη είς τήν οδόν τών Ευκαλυπτουργών τό πτώμα ενός άνδρος. Ό θάνατος επήλθε κατά τάς πρώτας ενδείξεις από αυτοκτονίαν.

ΑΘΗΝΑΙ, 3.— Υπό άγνώστων τού σκηνήματος «Ελευσίνος» ανευρέθη είς τήν οδόν τών Ευκαλυπτουργών τό πτώμα ενός άνδρος. Ό θάνατος επήλθε κατά τάς πρώτας ενδείξεις από αυτοκτονίαν.

ΤΟΝ ΠΥΡΟΒΟΛΗΣΕ ΣΤΟ ΠΡΟΣΩΠΟ ΑΠΟ ΛΑΘΟΣ
ΤΟΝ ΕΞΕΛΑΒΕ ΓΙΑ ΘΗΡΑΜΑ

ΧΑΝΙΑ, 3.— Είς τό χωρίον Βαφέ Αποκορώνου, κυνηγός επυροβόλησε κατά λάθος τόν σύντροφόν του, τόν όποίον εξέλαβε διά θήραμα.

ΧΑΝΙΑ, 3.— Είς τό χωρίον Βαφέ Αποκορώνου, κυνηγός επυροβόλησε κατά λάθος τόν σύντροφόν του, τόν όποίον εξέλαβε διά θήραμα.

ΘΑΝΑΤΗΦΟΡΟΝ ΒΡΟΓΧΟΠΝΕΥΜΟΝΙΑΝ ΥΠΕΣΤΗ ΕΡΓΑΤΗΣ
ΕΙΣ ΤΟ ΑΓΙΟΝ ΟΡΟΣ

Μεγάλη θανατηφόρον βρογχοπνευμονίαν υπέστη είς τό Άγιον Όρος εργάτης υλοτόμος, ό όποίος μεταφέρθη είς νοσοκομείον.

Μεγάλη θανατηφόρον βρογχοπνευμονίαν υπέστη είς τό Άγιον Όρος εργάτης υλοτόμος, ό όποίος μεταφέρθη είς νοσοκομείον.

ΑΠΟΝΟΜΗ ΒΡΑΒΕΙΩΝ ΔΙΑ ΠΡΟΣΦΟΡΑΝ ΕΙΣ ΤΟΝ ΔΗΜΟΝ ΚΑΒΑΛΑΣ

ΚΑΒΑΛΑ, 3.— Είς τό πλαίσιον τής εκδηλώσεως τής εορτής τών Θεοφανείων, ό Δήμαρχος Καβάλας απένειμε βραβεία είς τούς δωρητάς τού δήμου.

ΚΑΒΑΛΑ, 3.— Είς τό πλαίσιον τής εκδηλώσεως τής εορτής τών Θεοφανείων, ό Δήμαρχος Καβάλας απένειμε βραβεία είς τούς δωρητάς τού δήμου.

ΠΡΟΒΑΤΟΤΡΟΦΙΚΑΙ ΜΟΝΑΔΕΣ ΕΙΣ ΚΟΖΑΝΗΝ

ΚΟΖΑΝΗ, 3.— Προελήφθησαν έκ της ιδρύσεως νέων προβατοτροφικών μονάδων είς τήν περιοχήν τού νομού.

ΕΥΡΕΙΑ ΣΥΣΚΕΨΙΣ ΔΙΑ ΤΑ ΠΝΕΥΜΑΤΙΚΑ ΘΕΜΑΤΑ ΤΗΣ ΚΡΗΤΗΣ

ΗΡΑΚΛΕΙΟΝ, 3.— Θά πραγματοποιηθή είς τήν Νομαρχίαν σύσκεψις διά τά πνευματικά θέματα τής νήσου.

Ο κ. ΜΠΡΑΒΟΣ ΕΝΗΜΕΡΩΘΗ ΔΙΑ ΤΑΣ ΓΕΩΤΡΗΣΕΙΣ ΑΝΟΙΚΤΑ ΤΗΣ ΘΑΣΟΥ

ΚΑΒΑΛΑ, 3.— Ό υφυπουργός κ. Μπράβος ενημερώθη διά τήν πορείαν τών γεωτρήσεων είς τήν θαλασσίαν περιοχήν τής Θάσου.

ΠΥΡΚΑΓΙΑ ΑΠΟ ΑΝΤΛΙΑΝ ΠΕΤΡΕΛΑΙΟΥ

Πυρκαγιά εξερράγη είς τήν αποθήκην πρατηρίου πετρελαίου, χωρίς νά προκληθούν ζημιαί.

ΚΑΤΗΓΟΡΕΙΤΑΙ ΓΙΑ ΚΛΟΠΗ 33.500 ΔΡΑΧΜΩΝ

ΑΘΗΝΑΙ, 3.— Μέ τήν κατηγορίαν ότι αφήρεσε ποσόν 33.500 δρχ. συνελήφθη υπάλληλος καταστήματος.

ΣΥΝΕΛΗΦΘΗ ΔΙ' ΑΠΟΠΕΙΡΑΝ ΑΡΠΑΓΗΣ

ΑΘΗΝΑΙ, 3.— Συνελήφθη νεαρός διότι επεχείρησε νά αρπάξη τήν τσάντα γυναικός.

ΔΙΑΝΟΜΗ ΔΩΡΩΝ ΕΙΣ ΜΑΘΗΤΑΣ

ΑΘΗΝΑΙ, 3.— Είς τό κινηματοθέατρον «Παλλάς» έγινε διανομή δώρων είς τούς μαθητάς τών δημοτικών σχολείων.
